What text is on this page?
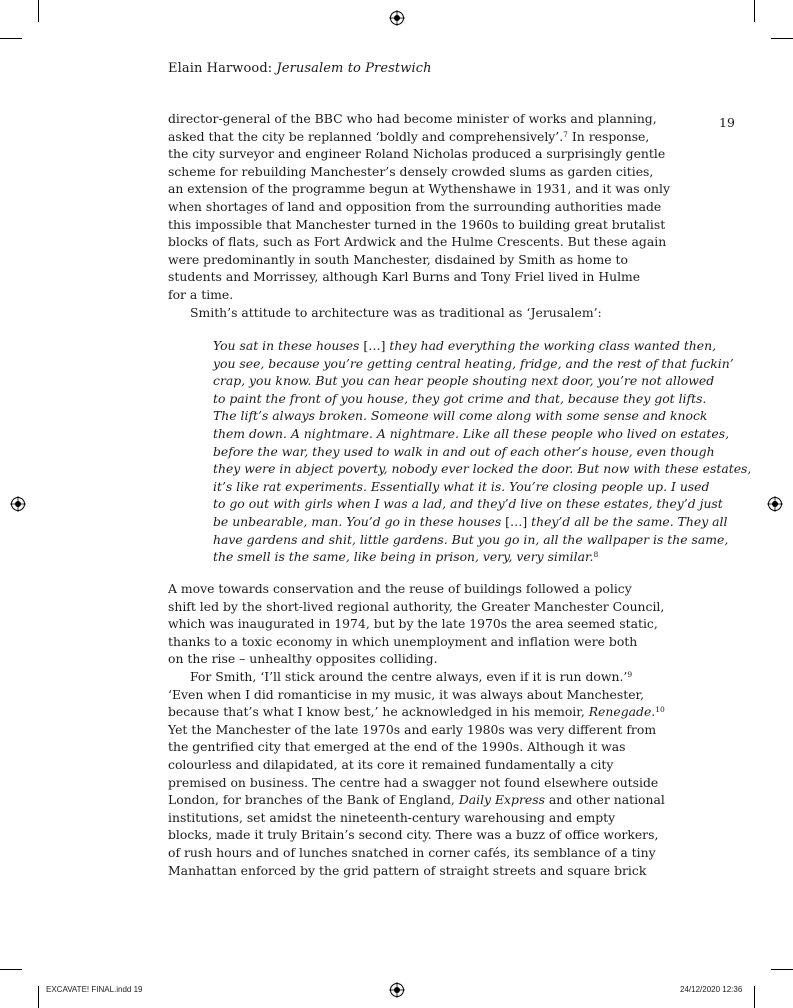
Elain Harwood: Jerusalem to Prestwich
19
director-general of the BBC who had become minister of works and planning,
asked that the city be replanned ‘boldly and comprehensively’.$^7$ In response,
the city surveyor and engineer Roland Nicholas produced a surprisingly gentle
scheme for rebuilding Manchester’s densely crowded slums as garden cities,
an extension of the programme begun at Wythenshawe in 1931, and it was only
when shortages of land and opposition from the surrounding authorities made
this impossible that Manchester turned in the 1960s to building great brutalist
blocks of flats, such as Fort Ardwick and the Hulme Crescents. But these again
were predominantly in south Manchester, disdained by Smith as home to
students and Morrissey, although Karl Burns and Tony Friel lived in Hulme
for a time.
Smith’s attitude to architecture was as traditional as ‘Jerusalem’:
You sat in these houses […] they had everything the working class wanted then,
you see, because you’re getting central heating, fridge, and the rest of that fuckin’
crap, you know. But you can hear people shouting next door, you’re not allowed
to paint the front of you house, they got crime and that, because they got lifts.
The lift’s always broken. Someone will come along with some sense and knock
them down. A nightmare. A nightmare. Like all these people who lived on estates,
before the war, they used to walk in and out of each other’s house, even though
they were in abject poverty, nobody ever locked the door. But now with these estates,
it’s like rat experiments. Essentially what it is. You’re closing people up. I used
to go out with girls when I was a lad, and they’d live on these estates, they’d just
be unbearable, man. You’d go in these houses […] they’d all be the same. They all
have gardens and shit, little gardens. But you go in, all the wallpaper is the same,
the smell is the same, like being in prison, very, very similar.$^8$
A move towards conservation and the reuse of buildings followed a policy
shift led by the short-lived regional authority, the Greater Manchester Council,
which was inaugurated in 1974, but by the late 1970s the area seemed static,
thanks to a toxic economy in which unemployment and inflation were both
on the rise – unhealthy opposites colliding.
For Smith, ‘I’ll stick around the centre always, even if it is run down.’$^9$
‘Even when I did romanticise in my music, it was always about Manchester,
because that’s what I know best,’ he acknowledged in his memoir, Renegade.$^{10}$
Yet the Manchester of the late 1970s and early 1980s was very different from
the gentrified city that emerged at the end of the 1990s. Although it was
colourless and dilapidated, at its core it remained fundamentally a city
premised on business. The centre had a swagger not found elsewhere outside
London, for branches of the Bank of England, Daily Express and other national
institutions, set amidst the nineteenth-century warehousing and empty
blocks, made it truly Britain’s second city. There was a buzz of office workers,
of rush hours and of lunches snatched in corner cafés, its semblance of a tiny
Manhattan enforced by the grid pattern of straight streets and square brick
EXCAVATE! FINAL.indd 19	24/12/2020 12:36
